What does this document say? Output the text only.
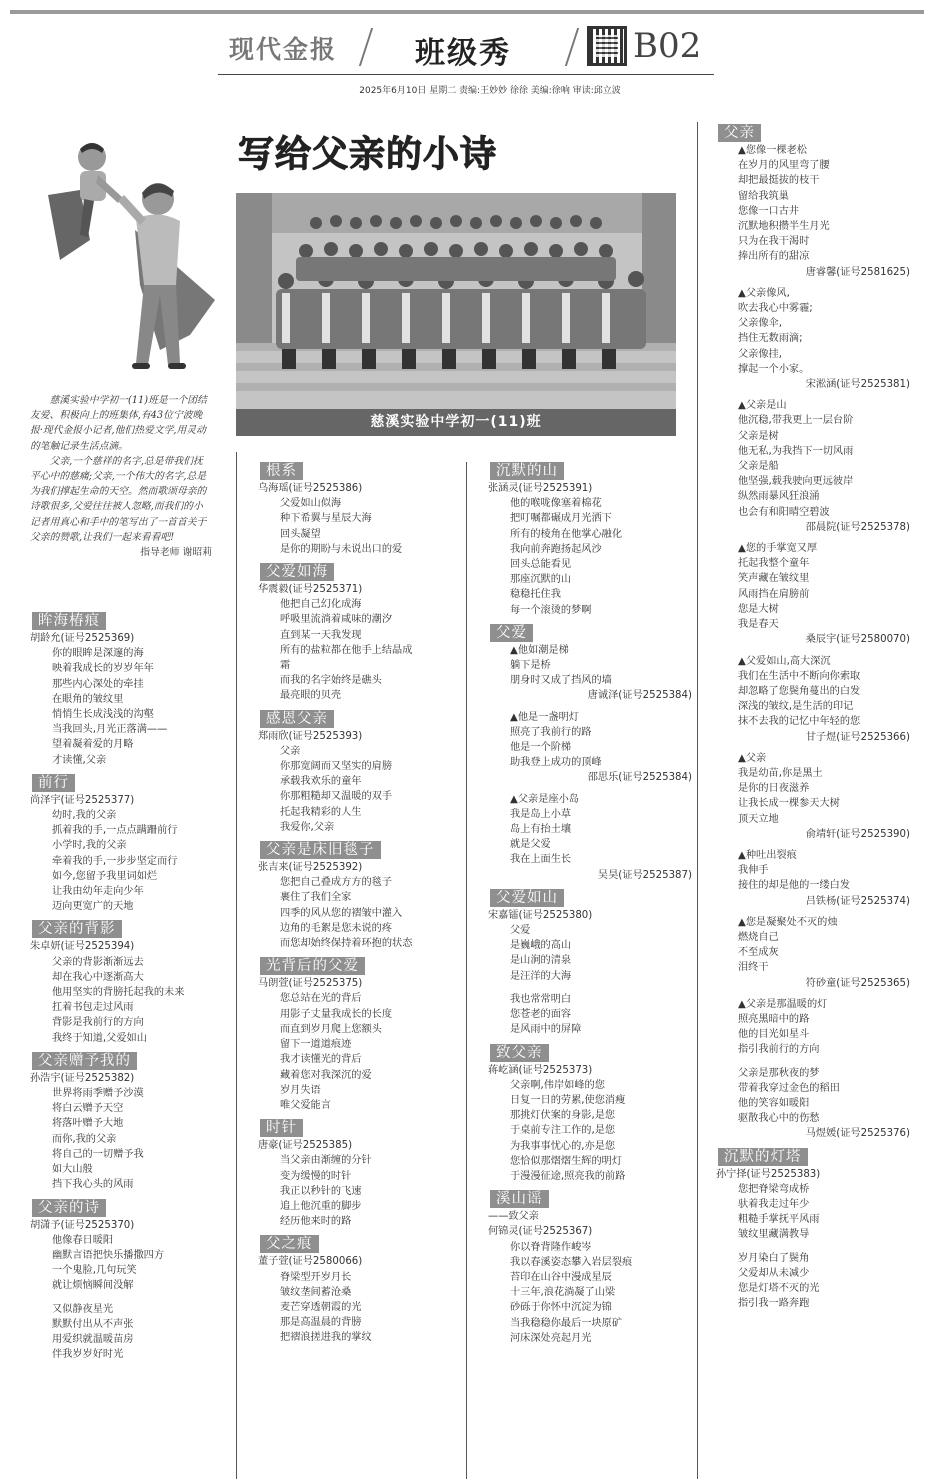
现代金报	班级秀	B02
2025年6月10日 星期二 责编:王妙妙 徐徐 美编:徐响 审读:邱立波
写给父亲的小诗
慈溪实验中学初一(11)班

慈溪实验中学初一(11)班是一个团结友爱、积极向上的班集体,有43位宁波晚报·现代金报小记者,他们热爱文学,用灵动的笔触记录生活点滴。

父亲,一个慈祥的名字,总是带我们抚平心中的慈痛;父亲,一个伟大的名字,总是为我们撑起生命的天空。然而歌颂母亲的诗歌很多,父爱往往被人忽略,而我们的小记者用真心和手中的笔写出了一首首关于父亲的赞歌,让我们一起来看看吧!

指导老师 谢昭莉

眸海椿痕
胡龄允(证号2525369)
你的眼眸是深邃的海
映着我成长的岁岁年年
那些内心深处的牵挂
在眼角的皱纹里
悄悄生长成浅浅的沟壑
当我回头,月光正落满——
望着凝着爱的月略
才读懂,父亲
前行
尚泽宇(证号2525377)
幼时,我的父亲
抓着我的手,一点点蹒跚前行
小学时,我的父亲
牵着我的手,一步步坚定而行
如今,您留予我里词如烂
让我由幼年走向少年
迈向更宽广的天地
父亲的背影
朱卓妍(证号2525394)
父亲的背影渐渐远去
却在我心中逐渐高大
他用坚实的背膀托起我的未来
扛着书包走过风雨
背影是我前行的方向
我终于知道,父爱如山
父亲赠予我的
孙浩宇(证号2525382)
世界将雨季赠予沙漠
将白云赠予天空
将落叶赠予大地
而你,我的父亲
将自己的一切赠予我
如大山般
挡下我心头的风雨
父亲的诗
胡潇予(证号2525370)
他像春日暖阳
幽默言语把快乐播撒四方
一个鬼脸,几句玩笑
就让烦恼瞬间没解
又似静夜星光
默默付出从不声张
用爱织就温暖苗房
伴我岁岁好时光
根系
乌海瑶(证号2525386)
父爱如山似海
种下希翼与星辰大海
回头凝望
是你的期盼与未说出口的爱
父爱如海
华震毅(证号2525371)
他把自己幻化成海
呼吸里流淌着咸味的潮汐
直到某一天我发现
所有的盐粒都在他手上结晶成
霜
而我的名字始终是礁头
最亮眼的贝壳
感恩父亲
郑雨欣(证号2525393)
父亲
你那宽阔而又坚实的肩膀
承载我欢乐的童年
你那粗糙却又温暖的双手
托起我精彩的人生
我爱你,父亲
父亲是床旧毯子
张吉来(证号2525392)
您把自己叠成方方的毯子
裹住了我们全家
四季的风从您的褶皱中灌入
边角的毛絮是您未说的疼
而您却始终保持着环抱的状态
光背后的父爱
马朗萱(证号2525375)
您总站在光的背后
用影子丈量我成长的长度
而直到岁月爬上您额头
留下一道道痕迹
我才读懂光的背后
藏着您对我深沉的爱
岁月失语
唯父爱能言
时针
唐豪(证号2525385)
当父亲由渐缠的分针
变为缓慢的时针
我正以秒针的飞速
追上他沉重的脚步
经历他来时的路
父之痕
董子萱(证号2580066)
脊梁型开岁月长
皱纹垄间蓄沧桑
麦芒穿透朝霞的光
那是高温晨的背膀
把褶浪搓进我的掌纹
沉默的山
张涵灵(证号2525391)
他的喉咙像塞着棉花
把叮嘱都碾成月光洒下
所有的棱角在他掌心融化
我向前奔跑扬起风沙
回头总能看见
那座沉默的山
稳稳托住我
每一个滚烫的梦啊
父爱
▲他如潮是梯
躺下是桥
朋身时又成了挡风的墙
唐诚泽(证号2525384)
▲他是一盏明灯
照亮了我前行的路
他是一个阶梯
助我登上成功的顶峰
邵思乐(证号2525384)
▲父亲是座小岛
我是岛上小草
岛上有抬土壤
就是父爱
我在上面生长
吴昊(证号2525387)
父爱如山
宋嘉镭(证号2525380)
父爱
是巍峨的高山
是山涧的清泉
是汪洋的大海
我也常常明白
您苍老的面容
是风雨中的屏障
致父亲
蒋屹涵(证号2525373)
父亲啊,伟岸如峰的您
日复一日的劳累,使您消瘦
那挑灯伏案的身影,是您
于桌前专注工作的,是您
为我事事忧心的,亦是您
您恰似那熠熠生辉的明灯
于漫漫征途,照亮我的前路
溪山谣
——致父亲
何锦灵(证号2525367)
你以脊背隆作峻岑
我以春溪姿态攀入岩层裂痕
苔印在山谷中漫成星辰
十三年,浪花淌凝了山梁
砂砾于你怀中沉淀为锦
当我稳稳你最后一块原矿
河床深处亮起月光
父亲
▲您像一棵老松
在岁月的风里弯了腰
却把最挺拔的枝干
留给我筑巢
您像一口古井
沉默地积攒半生月光
只为在我干渴时
捧出所有的甜凉
唐睿馨(证号2581625)
▲父亲像风,
吹去我心中雾霾;
父亲像伞,
挡住无数雨滴;
父亲像挂,
撑起一个小家。
宋淞涵(证号2525381)
▲父亲是山
他沉稳,带我更上一层台阶
父亲是树
他无私,为我挡下一切风雨
父亲是船
他坚强,载我驶向更远彼岸
纵然雨暴风狂浪涌
也会有和阳晴空碧波
邵晨院(证号2525378)
▲您的手掌宽又厚
托起我整个童年
笑声藏在皱纹里
风雨挡在肩膀前
您是大树
我是春天
桑辰宇(证号2580070)
▲父爱如山,高大深沉
我们在生活中不断向你索取
却忽略了您鬓角蔓出的白发
深浅的皱纹,是生活的印记
抹不去我的记忆中年轻的您
甘子煜(证号2525366)
▲父亲
我是幼苗,你是黑土
是你的日夜滋养
让我长成一棵参天大树
顶天立地
俞靖轩(证号2525390)
▲种吐出裂痕
我伸手
接住的却是他的一缕白发
吕铁杨(证号2525374)
▲您是凝聚处不灭的烛
燃烧自己
不至成灰
泪终干
符砂童(证号2525365)
▲父亲是那温暖的灯
照亮黑暗中的路
他的目光如星斗
指引我前行的方向
父亲是那秋夜的梦
带着我穿过金色的稻田
他的笑容如暖阳
驱散我心中的伤愁
马煜媛(证号2525376)
沉默的灯塔
孙宁择(证号2525383)
您把脊梁弯成桥
驮着我走过年少
粗糙手掌抚平风雨
皱纹里藏满教导
岁月染白了鬓角
父爱却从未减少
您是灯塔不灭的光
指引我一路奔跑
